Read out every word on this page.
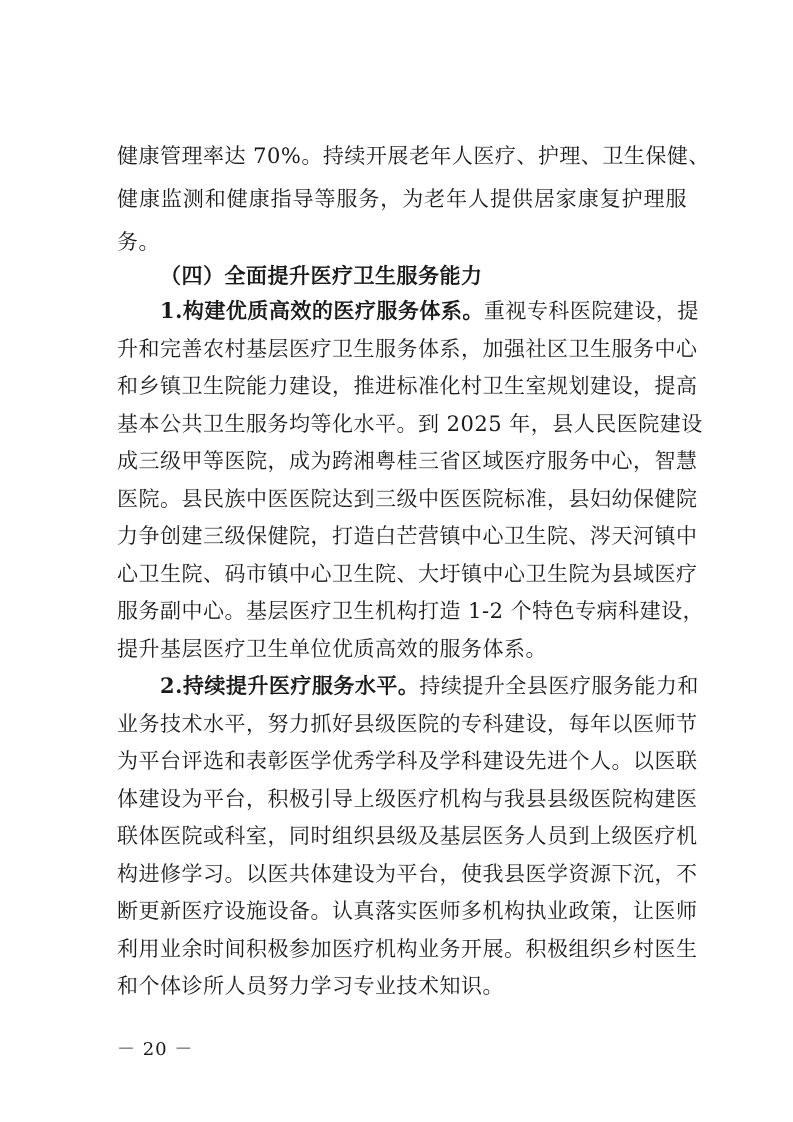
健康管理率达 70%。持续开展老年人医疗、护理、卫生保健、
健康监测和健康指导等服务，为老年人提供居家康复护理服
务。
（四）全面提升医疗卫生服务能力
1.构建优质高效的医疗服务体系。重视专科医院建设，提
升和完善农村基层医疗卫生服务体系，加强社区卫生服务中心
和乡镇卫生院能力建设，推进标准化村卫生室规划建设，提高
基本公共卫生服务均等化水平。到 2025 年，县人民医院建设
成三级甲等医院，成为跨湘粤桂三省区域医疗服务中心，智慧
医院。县民族中医医院达到三级中医医院标准，县妇幼保健院
力争创建三级保健院，打造白芒营镇中心卫生院、涔天河镇中
心卫生院、码市镇中心卫生院、大圩镇中心卫生院为县域医疗
服务副中心。基层医疗卫生机构打造 1-2 个特色专病科建设，
提升基层医疗卫生单位优质高效的服务体系。
2.持续提升医疗服务水平。持续提升全县医疗服务能力和
业务技术水平，努力抓好县级医院的专科建设，每年以医师节
为平台评选和表彰医学优秀学科及学科建设先进个人。以医联
体建设为平台，积极引导上级医疗机构与我县县级医院构建医
联体医院或科室，同时组织县级及基层医务人员到上级医疗机
构进修学习。以医共体建设为平台，使我县医学资源下沉，不
断更新医疗设施设备。认真落实医师多机构执业政策，让医师
利用业余时间积极参加医疗机构业务开展。积极组织乡村医生
和个体诊所人员努力学习专业技术知识。
－ 20 －
